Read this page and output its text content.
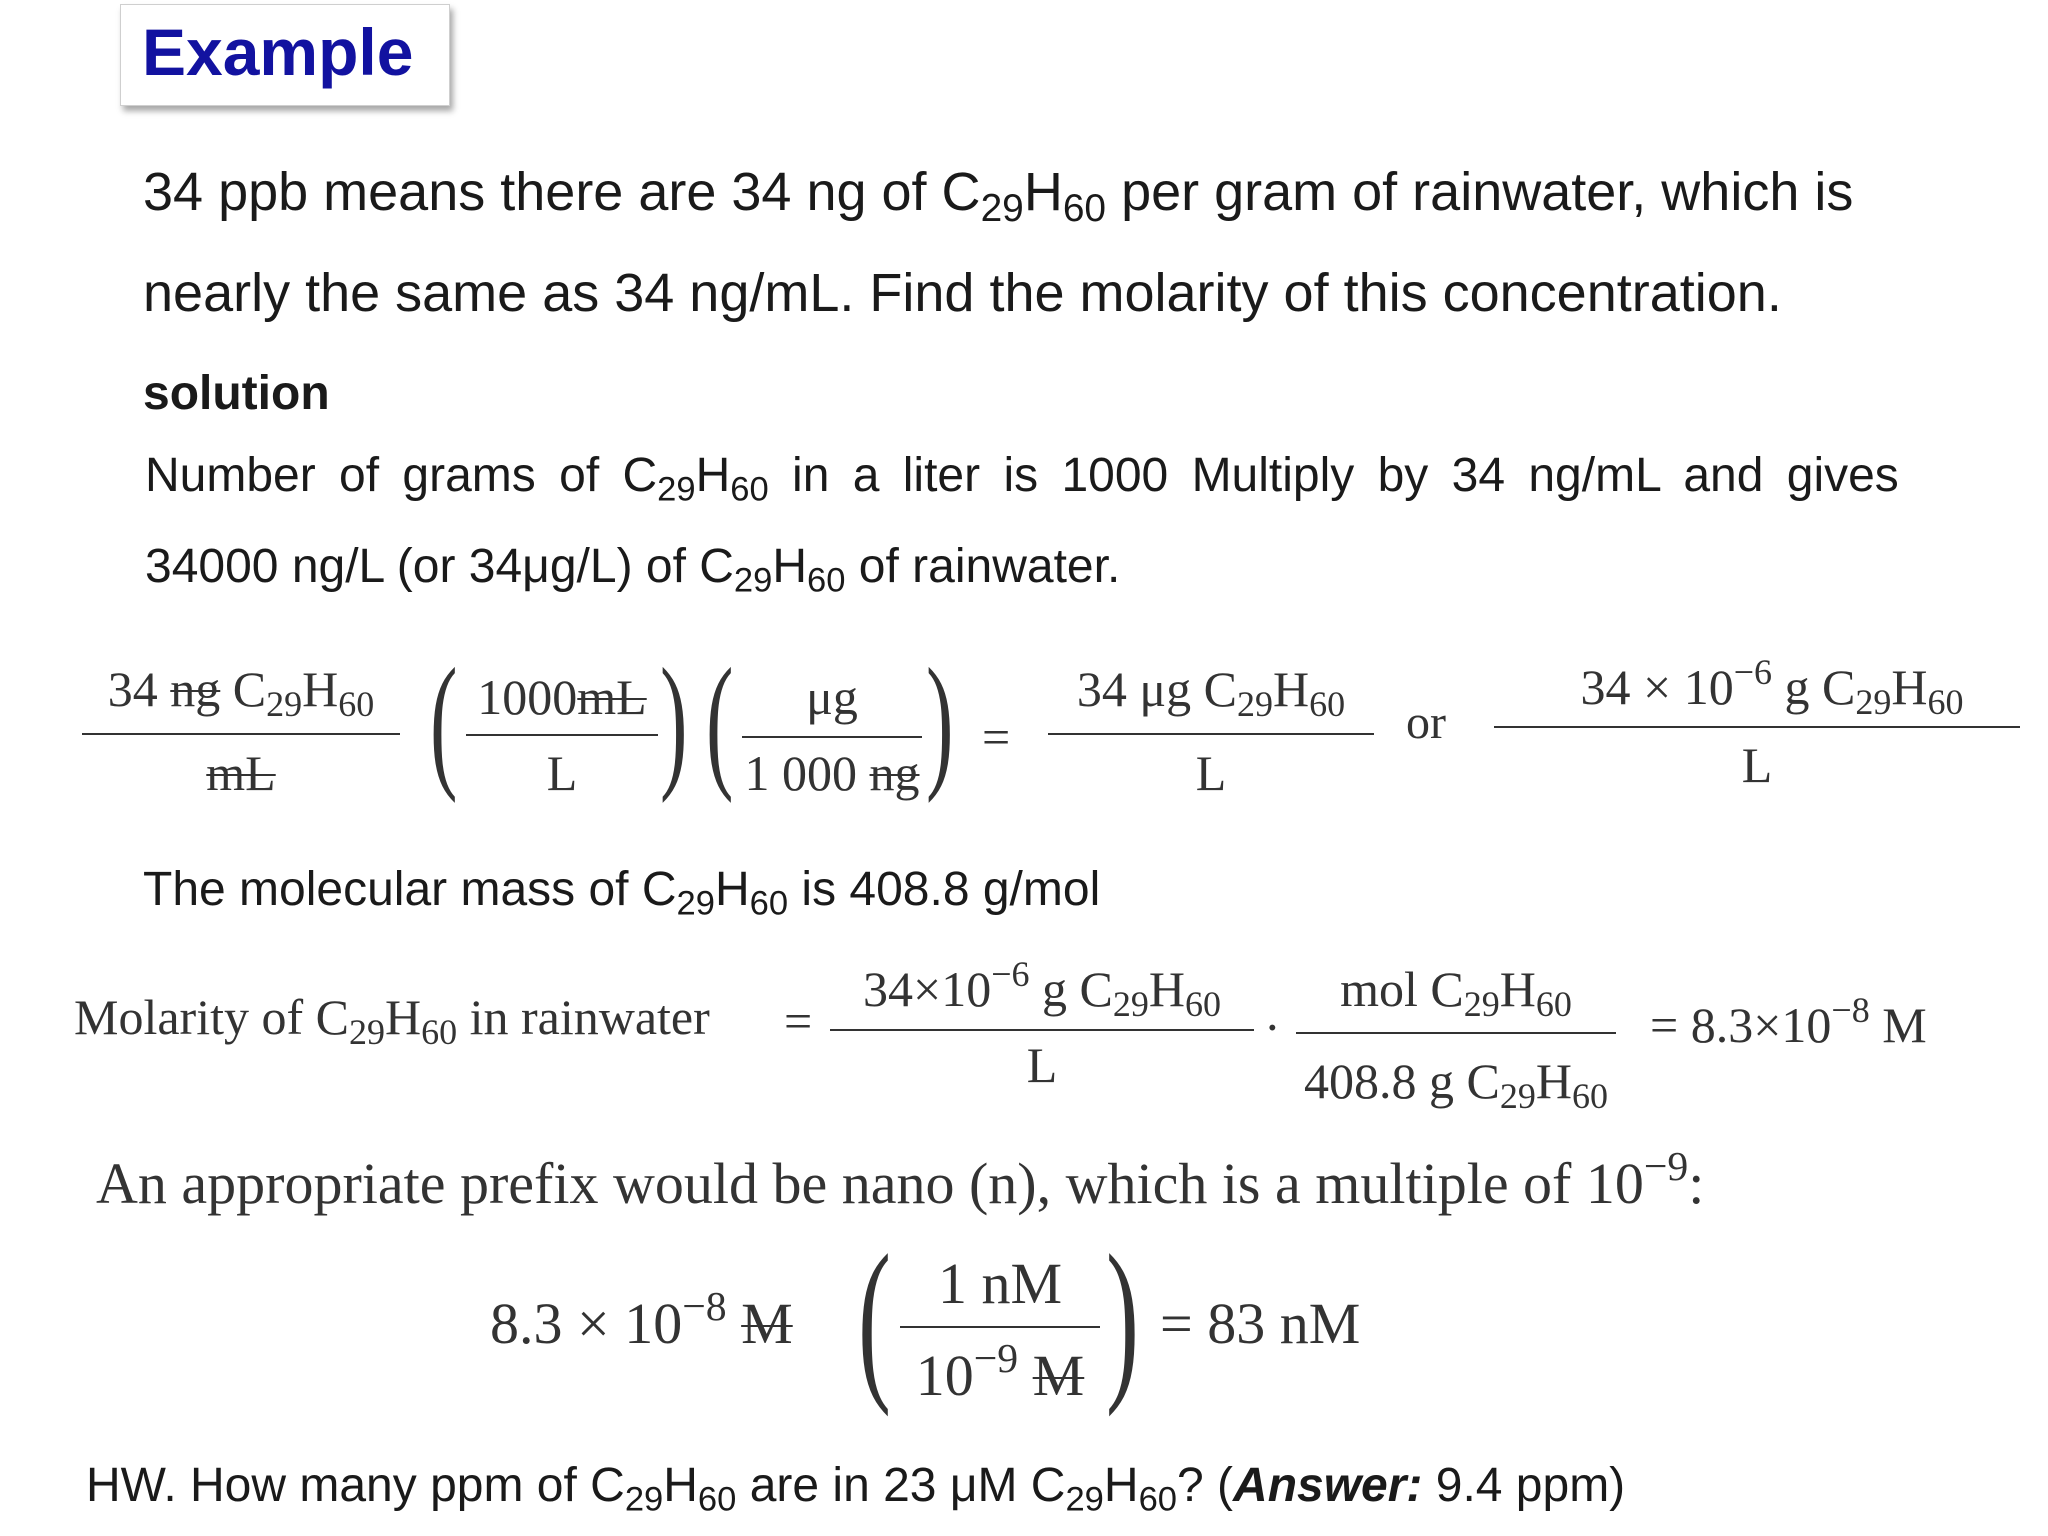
Example
34 ppb means there are 34 ng of $C_{29}H_{60}$ per gram of rainwater, which is
nearly the same as 34 ng/mL. Find the molarity of this concentration.
solution
Number of grams of $C_{29}H_{60}$ in a liter is 1000 Multiply by 34 ng/mL and gives
34000 ng/L (or 34μg/L) of $C_{29}H_{60}$ of rainwater.
34 ng $C_{29}H_{60}$
mL	( 1000mL
L ) (	μg
1 000 ng ) =
34 μg $C_{29}H_{60}$
L
or
$34 \times 10^{-6}$ g $C_{29}H_{60}$
L
The molecular mass of $C_{29}H_{60}$ is 408.8 g/mol
Molarity of $C_{29}H_{60}$ in rainwater =
$34\times 10^{-6}$ g $C_{29}H_{60}$
L
·
mol $C_{29}H_{60}$
408.8 g $C_{29}H_{60}$
= $8.3\times 10^{-8}$ M
An appropriate prefix would be nano (n), which is a multiple of $10^{-9}$:
$8.3 \times 10^{-8}$ M ( 1 nM
$10^{-9}$ M ) = 83 nM
HW. How many ppm of $C_{29}H_{60}$ are in 23 μM $C_{29}H_{60}$? (Answer: 9.4 ppm)
